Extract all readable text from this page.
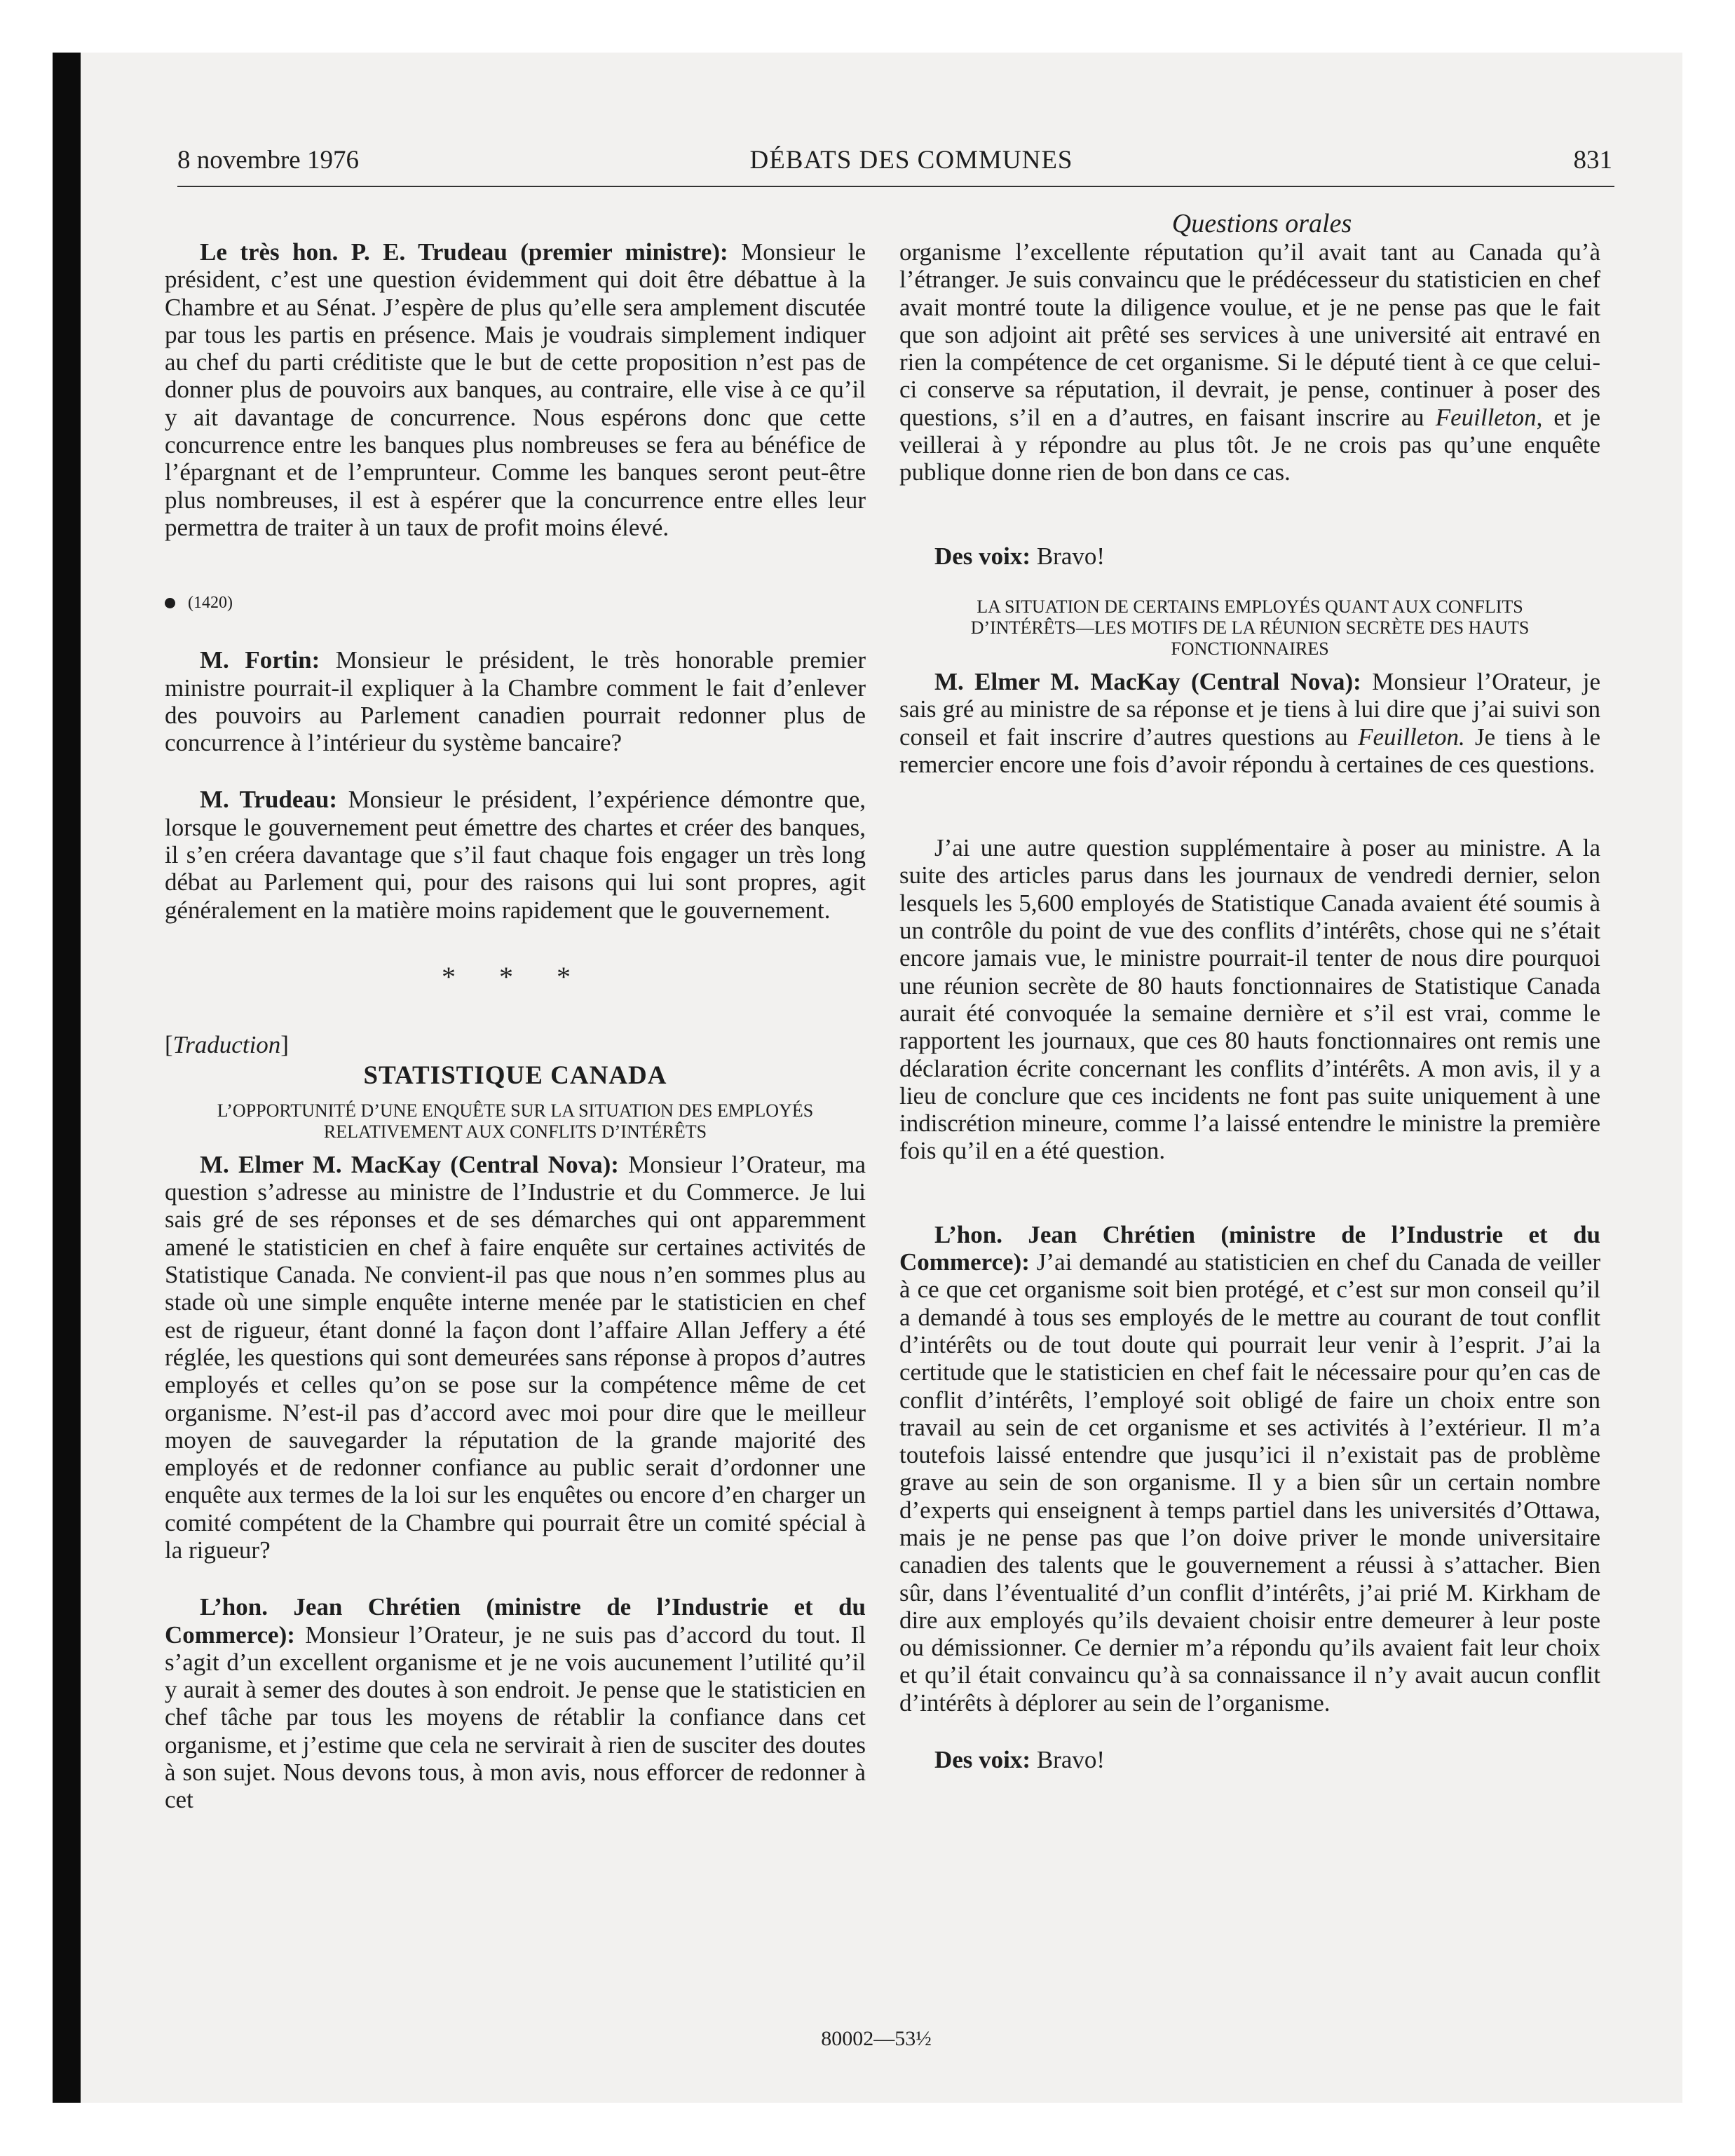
8 novembre 1976	DÉBATS DES COMMUNES	831
Questions orales

Le très hon. P. E. Trudeau (premier ministre): Monsieur le président, c’est une question évidemment qui doit être débattue à la Chambre et au Sénat. J’espère de plus qu’elle sera amplement discutée par tous les partis en présence. Mais je voudrais simplement indiquer au chef du parti créditiste que le but de cette proposition n’est pas de donner plus de pouvoirs aux banques, au contraire, elle vise à ce qu’il y ait davantage de concurrence. Nous espérons donc que cette concurrence entre les banques plus nombreuses se fera au bénéfice de l’épargnant et de l’emprunteur. Comme les banques seront peut-être plus nombreuses, il est à espérer que la concurrence entre elles leur permettra de traiter à un taux de profit moins élevé.

(1420)

M. Fortin: Monsieur le président, le très honorable premier ministre pourrait-il expliquer à la Chambre comment le fait d’enlever des pouvoirs au Parlement canadien pourrait redonner plus de concurrence à l’intérieur du système bancaire?

M. Trudeau: Monsieur le président, l’expérience démontre que, lorsque le gouvernement peut émettre des chartes et créer des banques, il s’en créera davantage que s’il faut chaque fois engager un très long débat au Parlement qui, pour des raisons qui lui sont propres, agit généralement en la matière moins rapidement que le gouvernement.

* * *
[Traduction]
STATISTIQUE CANADA
L’OPPORTUNITÉ D’UNE ENQUÊTE SUR LA SITUATION DES EMPLOYÉS RELATIVEMENT AUX CONFLITS D’INTÉRÊTS

M. Elmer M. MacKay (Central Nova): Monsieur l’Orateur, ma question s’adresse au ministre de l’Industrie et du Commerce. Je lui sais gré de ses réponses et de ses démarches qui ont apparemment amené le statisticien en chef à faire enquête sur certaines activités de Statistique Canada. Ne convient-il pas que nous n’en sommes plus au stade où une simple enquête interne menée par le statisticien en chef est de rigueur, étant donné la façon dont l’affaire Allan Jeffery a été réglée, les questions qui sont demeurées sans réponse à propos d’autres employés et celles qu’on se pose sur la compétence même de cet organisme. N’est-il pas d’accord avec moi pour dire que le meilleur moyen de sauvegarder la réputation de la grande majorité des employés et de redonner confiance au public serait d’ordonner une enquête aux termes de la loi sur les enquêtes ou encore d’en charger un comité compétent de la Chambre qui pourrait être un comité spécial à la rigueur?

L’hon. Jean Chrétien (ministre de l’Industrie et du Commerce): Monsieur l’Orateur, je ne suis pas d’accord du tout. Il s’agit d’un excellent organisme et je ne vois aucunement l’utilité qu’il y aurait à semer des doutes à son endroit. Je pense que le statisticien en chef tâche par tous les moyens de rétablir la confiance dans cet organisme, et j’estime que cela ne servirait à rien de susciter des doutes à son sujet. Nous devons tous, à mon avis, nous efforcer de redonner à cet

organisme l’excellente réputation qu’il avait tant au Canada qu’à l’étranger. Je suis convaincu que le prédécesseur du statisticien en chef avait montré toute la diligence voulue, et je ne pense pas que le fait que son adjoint ait prêté ses services à une université ait entravé en rien la compétence de cet organisme. Si le député tient à ce que celui-ci conserve sa réputation, il devrait, je pense, continuer à poser des questions, s’il en a d’autres, en faisant inscrire au Feuilleton, et je veillerai à y répondre au plus tôt. Je ne crois pas qu’une enquête publique donne rien de bon dans ce cas.

Des voix: Bravo!

LA SITUATION DE CERTAINS EMPLOYÉS QUANT AUX CONFLITS D’INTÉRÊTS—LES MOTIFS DE LA RÉUNION SECRÈTE DES HAUTS FONCTIONNAIRES

M. Elmer M. MacKay (Central Nova): Monsieur l’Orateur, je sais gré au ministre de sa réponse et je tiens à lui dire que j’ai suivi son conseil et fait inscrire d’autres questions au Feuilleton. Je tiens à le remercier encore une fois d’avoir répondu à certaines de ces questions.

J’ai une autre question supplémentaire à poser au ministre. A la suite des articles parus dans les journaux de vendredi dernier, selon lesquels les 5,600 employés de Statistique Canada avaient été soumis à un contrôle du point de vue des conflits d’intérêts, chose qui ne s’était encore jamais vue, le ministre pourrait-il tenter de nous dire pourquoi une réunion secrète de 80 hauts fonctionnaires de Statistique Canada aurait été convoquée la semaine dernière et s’il est vrai, comme le rapportent les journaux, que ces 80 hauts fonctionnaires ont remis une déclaration écrite concernant les conflits d’intérêts. A mon avis, il y a lieu de conclure que ces incidents ne font pas suite uniquement à une indiscrétion mineure, comme l’a laissé entendre le ministre la première fois qu’il en a été question.

L’hon. Jean Chrétien (ministre de l’Industrie et du Commerce): J’ai demandé au statisticien en chef du Canada de veiller à ce que cet organisme soit bien protégé, et c’est sur mon conseil qu’il a demandé à tous ses employés de le mettre au courant de tout conflit d’intérêts ou de tout doute qui pourrait leur venir à l’esprit. J’ai la certitude que le statisticien en chef fait le nécessaire pour qu’en cas de conflit d’intérêts, l’employé soit obligé de faire un choix entre son travail au sein de cet organisme et ses activités à l’extérieur. Il m’a toutefois laissé entendre que jusqu’ici il n’existait pas de problème grave au sein de son organisme. Il y a bien sûr un certain nombre d’experts qui enseignent à temps partiel dans les universités d’Ottawa, mais je ne pense pas que l’on doive priver le monde universitaire canadien des talents que le gouvernement a réussi à s’attacher. Bien sûr, dans l’éventualité d’un conflit d’intérêts, j’ai prié M. Kirkham de dire aux employés qu’ils devaient choisir entre demeurer à leur poste ou démissionner. Ce dernier m’a répondu qu’ils avaient fait leur choix et qu’il était convaincu qu’à sa connaissance il n’y avait aucun conflit d’intérêts à déplorer au sein de l’organisme.

Des voix: Bravo!

80002—53½
